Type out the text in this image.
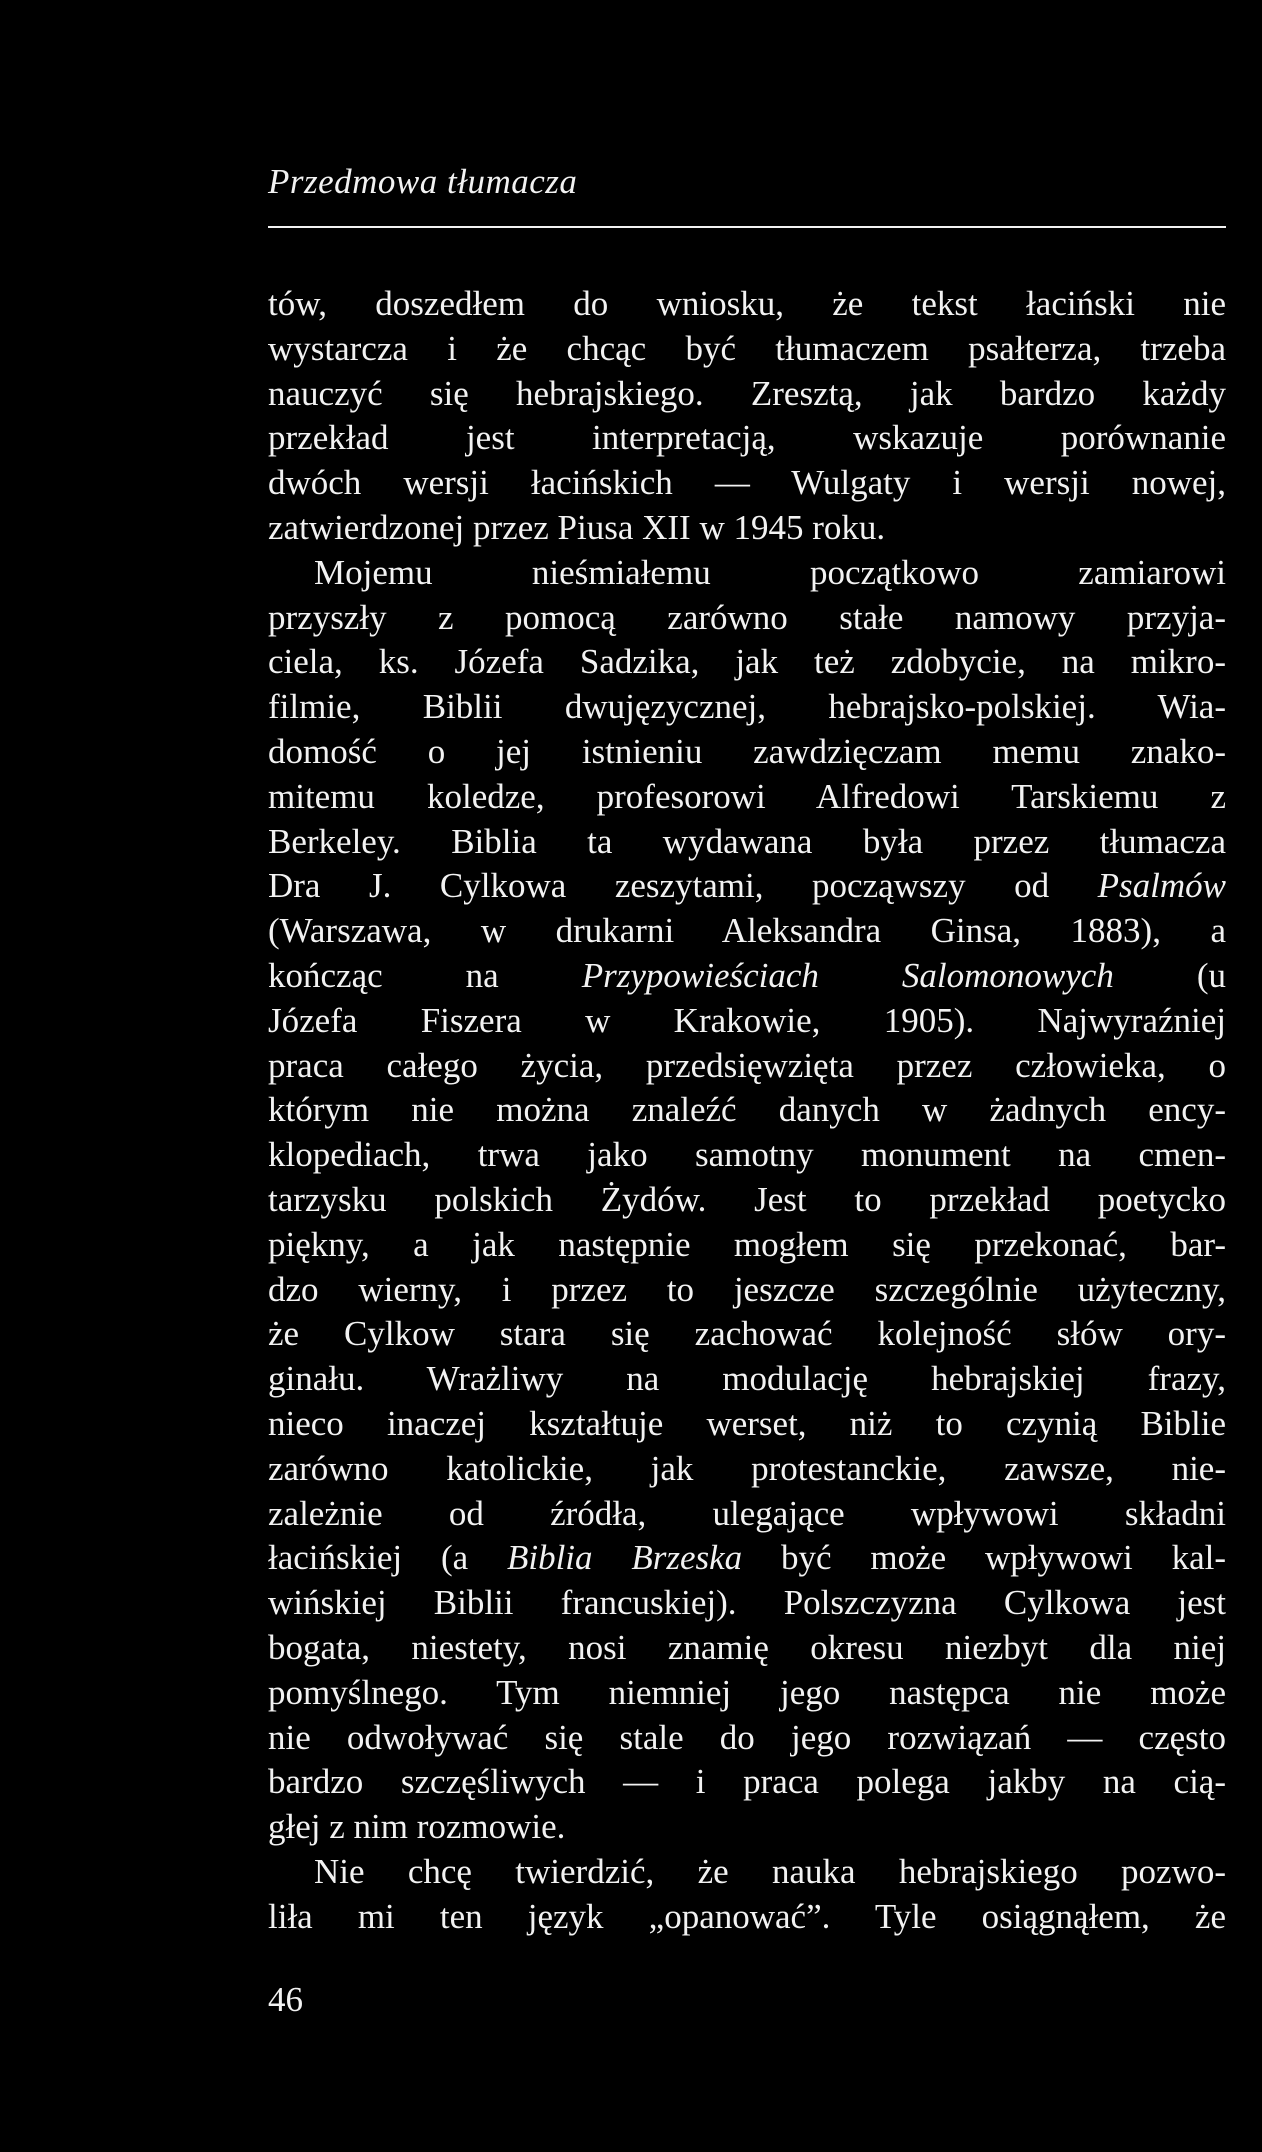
Przedmowa tłumacza
tów, doszedłem do wniosku, że tekst łaciński nie
wystarcza i że chcąc być tłumaczem psałterza, trzeba
nauczyć się hebrajskiego. Zresztą, jak bardzo każdy
przekład jest interpretacją, wskazuje porównanie
dwóch wersji łacińskich — Wulgaty i wersji nowej,
zatwierdzonej przez Piusa XII w 1945 roku.
Mojemu nieśmiałemu początkowo zamiarowi
przyszły z pomocą zarówno stałe namowy przyja-
ciela, ks. Józefa Sadzika, jak też zdobycie, na mikro-
filmie, Biblii dwujęzycznej, hebrajsko-polskiej. Wia-
domość o jej istnieniu zawdzięczam memu znako-
mitemu koledze, profesorowi Alfredowi Tarskiemu z
Berkeley. Biblia ta wydawana była przez tłumacza
Dra J. Cylkowa zeszytami, począwszy od Psalmów
(Warszawa, w drukarni Aleksandra Ginsa, 1883), a
kończąc na Przypowieściach Salomonowych (u
Józefa Fiszera w Krakowie, 1905). Najwyraźniej
praca całego życia, przedsięwzięta przez człowieka, o
którym nie można znaleźć danych w żadnych ency-
klopediach, trwa jako samotny monument na cmen-
tarzysku polskich Żydów. Jest to przekład poetycko
piękny, a jak następnie mogłem się przekonać, bar-
dzo wierny, i przez to jeszcze szczególnie użyteczny,
że Cylkow stara się zachować kolejność słów ory-
ginału. Wrażliwy na modulację hebrajskiej frazy,
nieco inaczej kształtuje werset, niż to czynią Biblie
zarówno katolickie, jak protestanckie, zawsze, nie-
zależnie od źródła, ulegające wpływowi składni
łacińskiej (a Biblia Brzeska być może wpływowi kal-
wińskiej Biblii francuskiej). Polszczyzna Cylkowa jest
bogata, niestety, nosi znamię okresu niezbyt dla niej
pomyślnego. Tym niemniej jego następca nie może
nie odwoływać się stale do jego rozwiązań — często
bardzo szczęśliwych — i praca polega jakby na cią-
głej z nim rozmowie.
Nie chcę twierdzić, że nauka hebrajskiego pozwo-
liła mi ten język „opanować”. Tyle osiągnąłem, że
46
